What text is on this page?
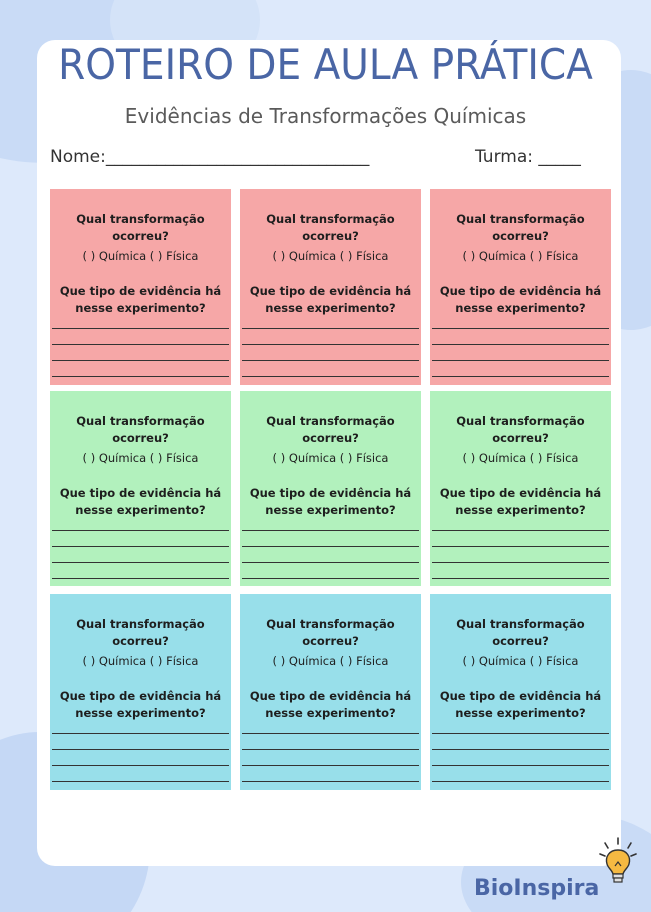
ROTEIRO DE AULA PRÁTICA
Evidências de Transformações Químicas
Nome:_______________________________	Turma: _____
Qual transformação ocorreu?
( ) Química ( ) Física
Que tipo de evidência há nesse experimento?
Qual transformação ocorreu?
( ) Química ( ) Física
Que tipo de evidência há nesse experimento?
Qual transformação ocorreu?
( ) Química ( ) Física
Que tipo de evidência há nesse experimento?
Qual transformação ocorreu?
( ) Química ( ) Física
Que tipo de evidência há nesse experimento?
Qual transformação ocorreu?
( ) Química ( ) Física
Que tipo de evidência há nesse experimento?
Qual transformação ocorreu?
( ) Química ( ) Física
Que tipo de evidência há nesse experimento?
Qual transformação ocorreu?
( ) Química ( ) Física
Que tipo de evidência há nesse experimento?
Qual transformação ocorreu?
( ) Química ( ) Física
Que tipo de evidência há nesse experimento?
Qual transformação ocorreu?
( ) Química ( ) Física
Que tipo de evidência há nesse experimento?
BioInspira
